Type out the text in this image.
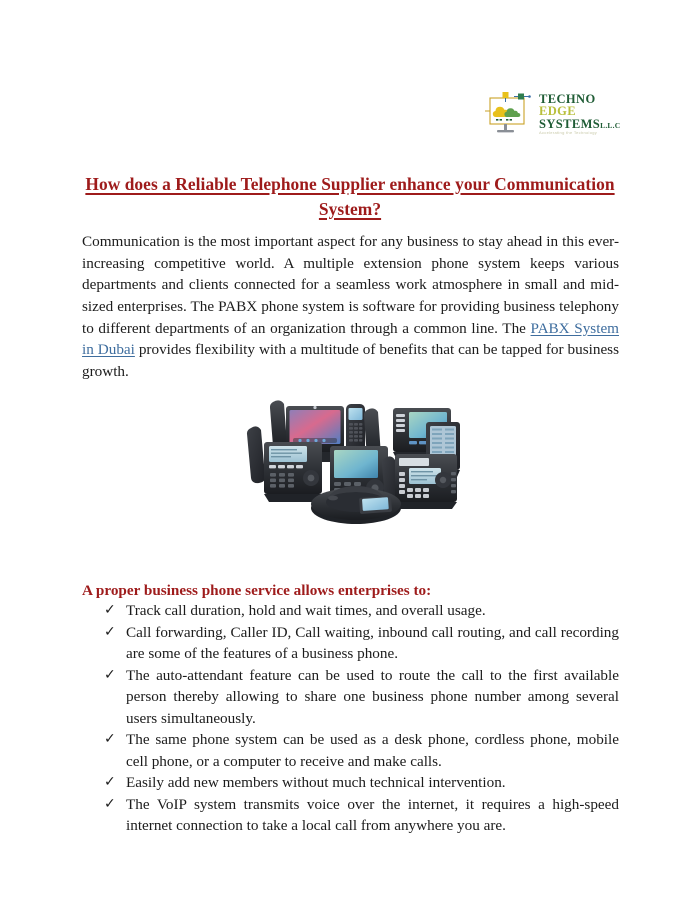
TECHNO
EDGE
SYSTEMSL.L.C
Accelerating the Technology
How does a Reliable Telephone Supplier enhance your Communication System?

Communication is the most important aspect for any business to stay ahead in this ever-increasing competitive world. A multiple extension phone system keeps various departments and clients connected for a seamless work atmosphere in small and mid-sized enterprises. The PABX phone system is software for providing business telephony to different departments of an organization through a common line. The PABX System in Dubai provides flexibility with a multitude of benefits that can be tapped for business growth.

A proper business phone service allows enterprises to:
✓ Track call duration, hold and wait times, and overall usage.
✓ Call forwarding, Caller ID, Call waiting, inbound call routing, and call recording are some of the features of a business phone.
✓ The auto-attendant feature can be used to route the call to the first available person thereby allowing to share one business phone number among several users simultaneously.
✓ The same phone system can be used as a desk phone, cordless phone, mobile cell phone, or a computer to receive and make calls.
✓ Easily add new members without much technical intervention.
✓ The VoIP system transmits voice over the internet, it requires a high-speed internet connection to take a local call from anywhere you are.
